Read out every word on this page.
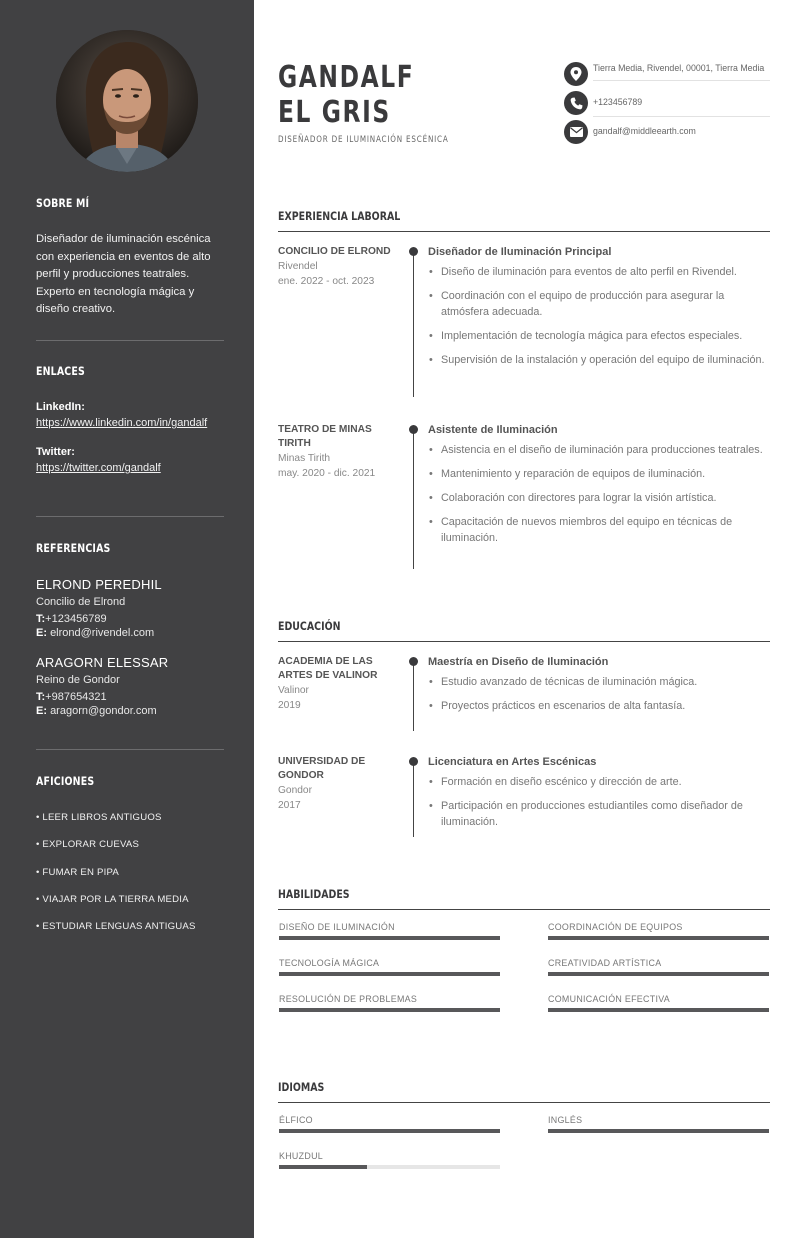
SOBRE MÍ

Diseñador de iluminación escénica con experiencia en eventos de alto perfil y producciones teatrales. Experto en tecnología mágica y diseño creativo.

ENLACES
LinkedIn:
https://www.linkedin.com/in/gandalf
Twitter:
https://twitter.com/gandalf
REFERENCIAS
ELROND PEREDHIL
Concilio de Elrond
T:+123456789
E: elrond@rivendel.com
ARAGORN ELESSAR
Reino de Gondor
T:+987654321
E: aragorn@gondor.com
AFICIONES
• LEER LIBROS ANTIGUOS
• EXPLORAR CUEVAS
• FUMAR EN PIPA
• VIAJAR POR LA TIERRA MEDIA
• ESTUDIAR LENGUAS ANTIGUAS
GANDALF
EL GRIS
DISEÑADOR DE ILUMINACIÓN ESCÉNICA
Tierra Media, Rivendel, 00001, Tierra Media
+123456789
gandalf@middleearth.com
EXPERIENCIA LABORAL
CONCILIO DE ELROND
Rivendel
ene. 2022 - oct. 2023
Diseñador de Iluminación Principal
• Diseño de iluminación para eventos de alto perfil en Rivendel.
• Coordinación con el equipo de producción para asegurar la atmósfera adecuada.
• Implementación de tecnología mágica para efectos especiales.
• Supervisión de la instalación y operación del equipo de iluminación.
TEATRO DE MINAS TIRITH
Minas Tirith
may. 2020 - dic. 2021
Asistente de Iluminación
• Asistencia en el diseño de iluminación para producciones teatrales.
• Mantenimiento y reparación de equipos de iluminación.
• Colaboración con directores para lograr la visión artística.
• Capacitación de nuevos miembros del equipo en técnicas de iluminación.
EDUCACIÓN
ACADEMIA DE LAS ARTES DE VALINOR
Valinor
2019
Maestría en Diseño de Iluminación
• Estudio avanzado de técnicas de iluminación mágica.
• Proyectos prácticos en escenarios de alta fantasía.
UNIVERSIDAD DE GONDOR
Gondor
2017
Licenciatura en Artes Escénicas
• Formación en diseño escénico y dirección de arte.
• Participación en producciones estudiantiles como diseñador de iluminación.
HABILIDADES
DISEÑO DE ILUMINACIÓN	COORDINACIÓN DE EQUIPOS
TECNOLOGÍA MÁGICA	CREATIVIDAD ARTÍSTICA
RESOLUCIÓN DE PROBLEMAS	COMUNICACIÓN EFECTIVA
IDIOMAS
ÉLFICO	INGLÉS
KHUZDUL
